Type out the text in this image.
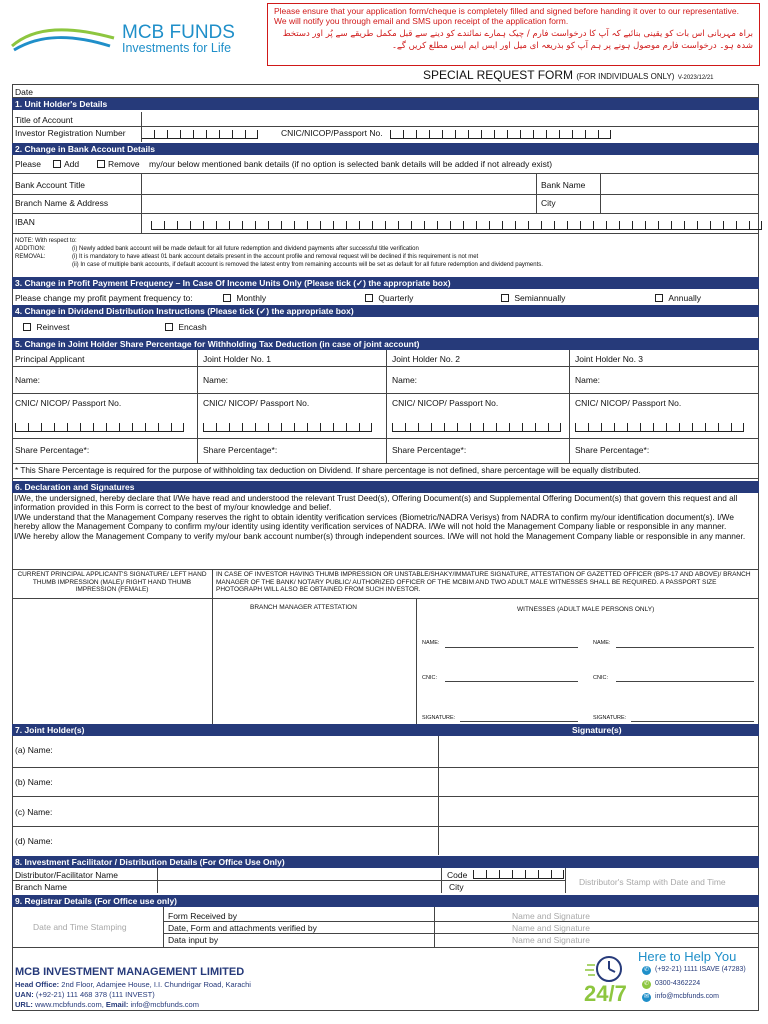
MCB FUNDS
Investments for Life
Please ensure that your application form/cheque is completely filled and signed before handing it over to our representative. We will notify you through email and SMS upon receipt of the application form.
براہ مہربانی اس بات کو یقینی بنائیے کہ آپ کا درخواست فارم / چیک ہمارے نمائندے کو دینے سے قبل مکمل طریقے سے پُر اور دستخط شدہ ہو۔ درخواست فارم موصول ہونے پر ہم آپ کو بذریعہ ای میل اور ایس ایم ایس مطلع کریں گے۔
SPECIAL REQUEST FORM (FOR INDIVIDUALS ONLY) V-2023/12/21
Date
1. Unit Holder's Details
Title of Account
Investor Registration Number	CNIC/NICOP/Passport No.
2. Change in Bank Account Details
Please	Add	Remove my/our below mentioned bank details (if no option is selected bank details will be added if not already exist)
Bank Account Title	Bank Name
Branch Name & Address	City
IBAN
NOTE: With respect to:
ADDITION:
REMOVAL:
(i) Newly added bank account will be made default for all future redemption and dividend payments after successful title verification
(i) It is mandatory to have atleast 01 bank account details present in the account profile and removal request will be declined if this requirement is not met
(ii) In case of multiple bank accounts, if default account is removed the latest entry from remaining accounts will be set as default for all future redemption and dividend payments.
3. Change in Profit Payment Frequency – In Case Of Income Units Only (Please tick (✓) the appropriate box)
Please change my profit payment frequency to:	Monthly	Quarterly	Semiannually	Annually
4. Change in Dividend Distribution Instructions (Please tick (✓) the appropriate box)
Reinvest	Encash
5. Change in Joint Holder Share Percentage for Withholding Tax Deduction (in case of joint account)
Principal Applicant	Joint Holder No. 1	Joint Holder No. 2	Joint Holder No. 3
Name:	Name:	Name:	Name:
CNIC/ NICOP/ Passport No.	CNIC/ NICOP/ Passport No.	CNIC/ NICOP/ Passport No.	CNIC/ NICOP/ Passport No.
Share Percentage*:	Share Percentage*:	Share Percentage*:	Share Percentage*:
* This Share Percentage is required for the purpose of withholding tax deduction on Dividend. If share percentage is not defined, share percentage will be equally distributed.
6. Declaration and Signatures
I/We, the undersigned, hereby declare that I/We have read and understood the relevant Trust Deed(s), Offering Document(s) and Supplemental Offering Document(s) that govern this request and all information provided in this Form is correct to the best of my/our knowledge and belief.
I/We understand that the Management Company reserves the right to obtain identity verification services (Biometric/NADRA Verisys) from NADRA to confirm my/our identification document(s). I/We hereby allow the Management Company to confirm my/our identity using identity verification services of NADRA. I/We will not hold the Management Company liable or responsible in any manner.
I/We hereby allow the Management Company to verify my/our bank account number(s) through independent sources. I/We will not hold the Management Company liable or responsible in any manner.
CURRENT PRINCIPAL APPLICANT'S SIGNATURE/ LEFT HAND THUMB IMPRESSION (MALE)/ RIGHT HAND THUMB IMPRESSION (FEMALE)
IN CASE OF INVESTOR HAVING THUMB IMPRESSION OR UNSTABLE/SHAKY/IMMATURE SIGNATURE, ATTESTATION OF GAZETTED OFFICER (BPS-17 AND ABOVE)/ BRANCH MANAGER OF THE BANK/ NOTARY PUBLIC/ AUTHORIZED OFFICER OF THE MCBIM AND TWO ADULT MALE WITNESSES SHALL BE REQUIRED. A PASSPORT SIZE PHOTOGRAPH WILL ALSO BE OBTAINED FROM SUCH INVESTOR.
BRANCH MANAGER ATTESTATION	WITNESSES (ADULT MALE PERSONS ONLY)
NAME:
CNIC:
SIGNATURE:
NAME:
CNIC:
SIGNATURE:
7. Joint Holder(s)	Signature(s)
(a) Name:
(b) Name:
(c) Name:
(d) Name:
8. Investment Facilitator / Distribution Details (For Office Use Only)
Distributor/Facilitator Name
Branch Name
Code
City	Distributor's Stamp with Date and Time
9. Registrar Details (For Office use only)
Date and Time Stamping
Form Received by	Name and Signature
Date, Form and attachments verified by	Name and Signature
Data input by	Name and Signature
MCB INVESTMENT MANAGEMENT LIMITED
Head Office: 2nd Floor, Adamjee House, I.I. Chundrigar Road, Karachi
UAN: (+92-21) 111 468 378 (111 INVEST)
URL: www.mcbfunds.com, Email: info@mcbfunds.com	24/7
Here to Help You
✆ (+92-21) 1111 ISAVE (47283)
✆ 0300-4362224
✉ info@mcbfunds.com
